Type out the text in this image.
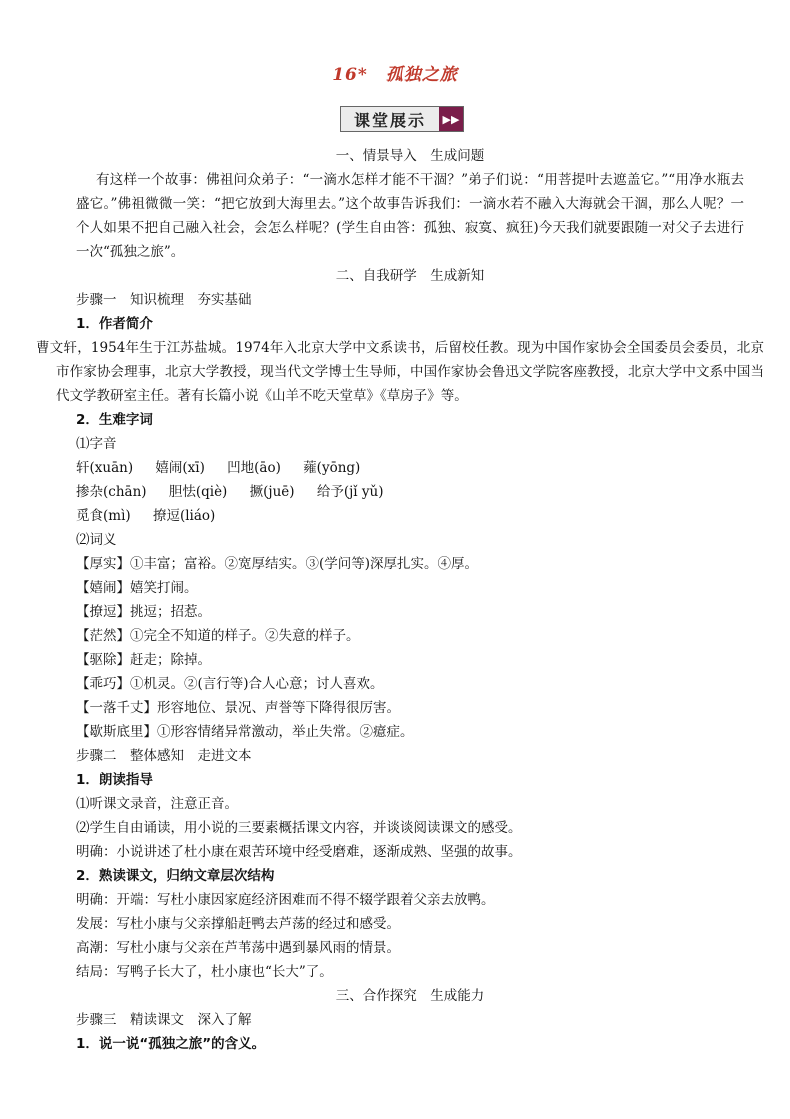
16*　孤独之旅
课堂展示	▶▶
一、情景导入　生成问题
有这样一个故事：佛祖问众弟子：“一滴水怎样才能不干涸？”弟子们说：“用菩提叶去遮盖它。”“用净水瓶去盛它。”佛祖微微一笑：“把它放到大海里去。”这个故事告诉我们：一滴水若不融入大海就会干涸，那么人呢？一个人如果不把自己融入社会，会怎么样呢？(学生自由答：孤独、寂寞、疯狂)今天我们就要跟随一对父子去进行一次“孤独之旅”。
二、自我研学　生成新知
步骤一　知识梳理　夯实基础
1．作者简介
曹文轩，1954年生于江苏盐城。1974年入北京大学中文系读书，后留校任教。现为中国作家协会全国委员会委员，北京市作家协会理事，北京大学教授，现当代文学博士生导师，中国作家协会鲁迅文学院客座教授，北京大学中文系中国当代文学教研室主任。著有长篇小说《山羊不吃天堂草》《草房子》等。
2．生难字词
⑴字音
轩(xuān) 嬉闹(xī) 凹地(āo) 蕹(yōng)
掺杂(chān) 胆怯(qiè) 撅(juē) 给予(jǐ yǔ)
觅食(mì) 撩逗(liáo)
⑵词义
【厚实】①丰富；富裕。②宽厚结实。③(学问等)深厚扎实。④厚。
【嬉闹】嬉笑打闹。
【撩逗】挑逗；招惹。
【茫然】①完全不知道的样子。②失意的样子。
【驱除】赶走；除掉。
【乖巧】①机灵。②(言行等)合人心意；讨人喜欢。
【一落千丈】形容地位、景况、声誉等下降得很厉害。
【歇斯底里】①形容情绪异常激动，举止失常。②癔症。
步骤二　整体感知　走进文本
1．朗读指导
⑴听课文录音，注意正音。
⑵学生自由诵读，用小说的三要素概括课文内容，并谈谈阅读课文的感受。
明确：小说讲述了杜小康在艰苦环境中经受磨难，逐渐成熟、坚强的故事。
2．熟读课文，归纳文章层次结构
明确：开端：写杜小康因家庭经济困难而不得不辍学跟着父亲去放鸭。
发展：写杜小康与父亲撑船赶鸭去芦荡的经过和感受。
高潮：写杜小康与父亲在芦苇荡中遇到暴风雨的情景。
结局：写鸭子长大了，杜小康也“长大”了。
三、合作探究　生成能力
步骤三　精读课文　深入了解
1．说一说“孤独之旅”的含义。
